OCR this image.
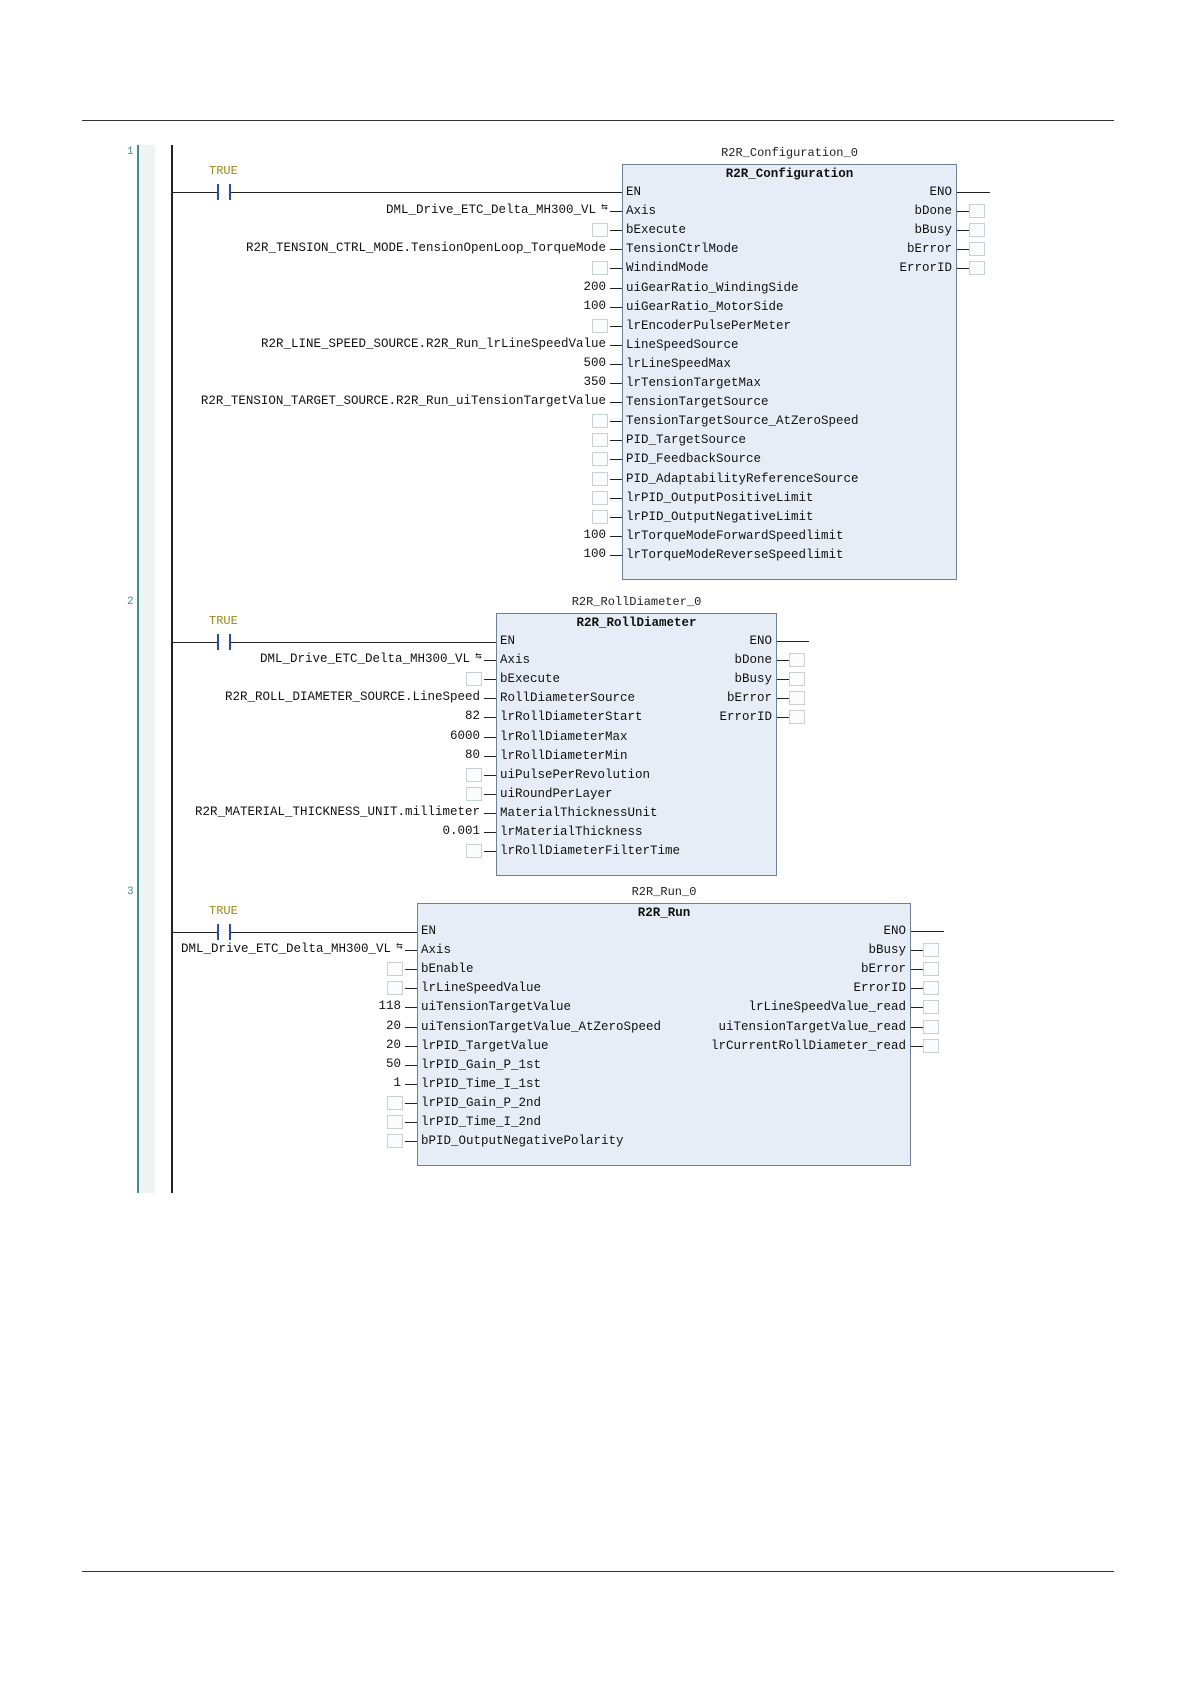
1
TRUE
R2R_Configuration_0
R2R_Configuration
EN
Axis
bExecute
TensionCtrlMode
WindindMode
uiGearRatio_WindingSide
uiGearRatio_MotorSide
lrEncoderPulsePerMeter
LineSpeedSource
lrLineSpeedMax
lrTensionTargetMax
TensionTargetSource
TensionTargetSource_AtZeroSpeed
PID_TargetSource
PID_FeedbackSource
PID_AdaptabilityReferenceSource
lrPID_OutputPositiveLimit
lrPID_OutputNegativeLimit
lrTorqueModeForwardSpeedlimit
lrTorqueModeReverseSpeedlimit
ENO
bDone
bBusy
bError
ErrorID
DML_Drive_ETC_Delta_MH300_VL ⇆
R2R_TENSION_CTRL_MODE.TensionOpenLoop_TorqueMode
200
100
R2R_LINE_SPEED_SOURCE.R2R_Run_lrLineSpeedValue
500
350
R2R_TENSION_TARGET_SOURCE.R2R_Run_uiTensionTargetValue
100
100
2
TRUE
R2R_RollDiameter_0
R2R_RollDiameter
EN
Axis
bExecute
RollDiameterSource
lrRollDiameterStart
lrRollDiameterMax
lrRollDiameterMin
uiPulsePerRevolution
uiRoundPerLayer
MaterialThicknessUnit
lrMaterialThickness
lrRollDiameterFilterTime
ENO
bDone
bBusy
bError
ErrorID
DML_Drive_ETC_Delta_MH300_VL ⇆
R2R_ROLL_DIAMETER_SOURCE.LineSpeed
82
6000
80
R2R_MATERIAL_THICKNESS_UNIT.millimeter
0.001
3
TRUE
R2R_Run_0
R2R_Run
EN
Axis
bEnable
lrLineSpeedValue
uiTensionTargetValue
uiTensionTargetValue_AtZeroSpeed
lrPID_TargetValue
lrPID_Gain_P_1st
lrPID_Time_I_1st
lrPID_Gain_P_2nd
lrPID_Time_I_2nd
bPID_OutputNegativePolarity
ENO
bBusy
bError
ErrorID
lrLineSpeedValue_read
uiTensionTargetValue_read
lrCurrentRollDiameter_read
DML_Drive_ETC_Delta_MH300_VL ⇆
118
20
20
50
1
